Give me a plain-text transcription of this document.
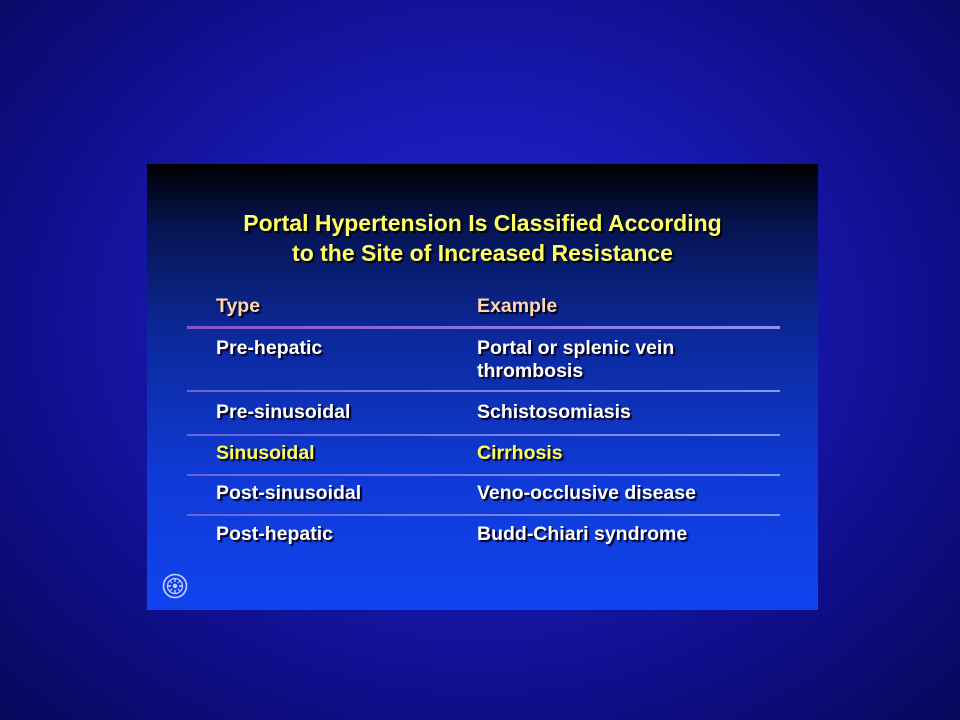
Portal Hypertension Is Classified According
to the Site of Increased Resistance
Type	Example
Pre-hepatic	Portal or splenic vein
thrombosis
Pre-sinusoidal	Schistosomiasis
Sinusoidal	Cirrhosis
Post-sinusoidal	Veno-occlusive disease
Post-hepatic	Budd-Chiari syndrome
